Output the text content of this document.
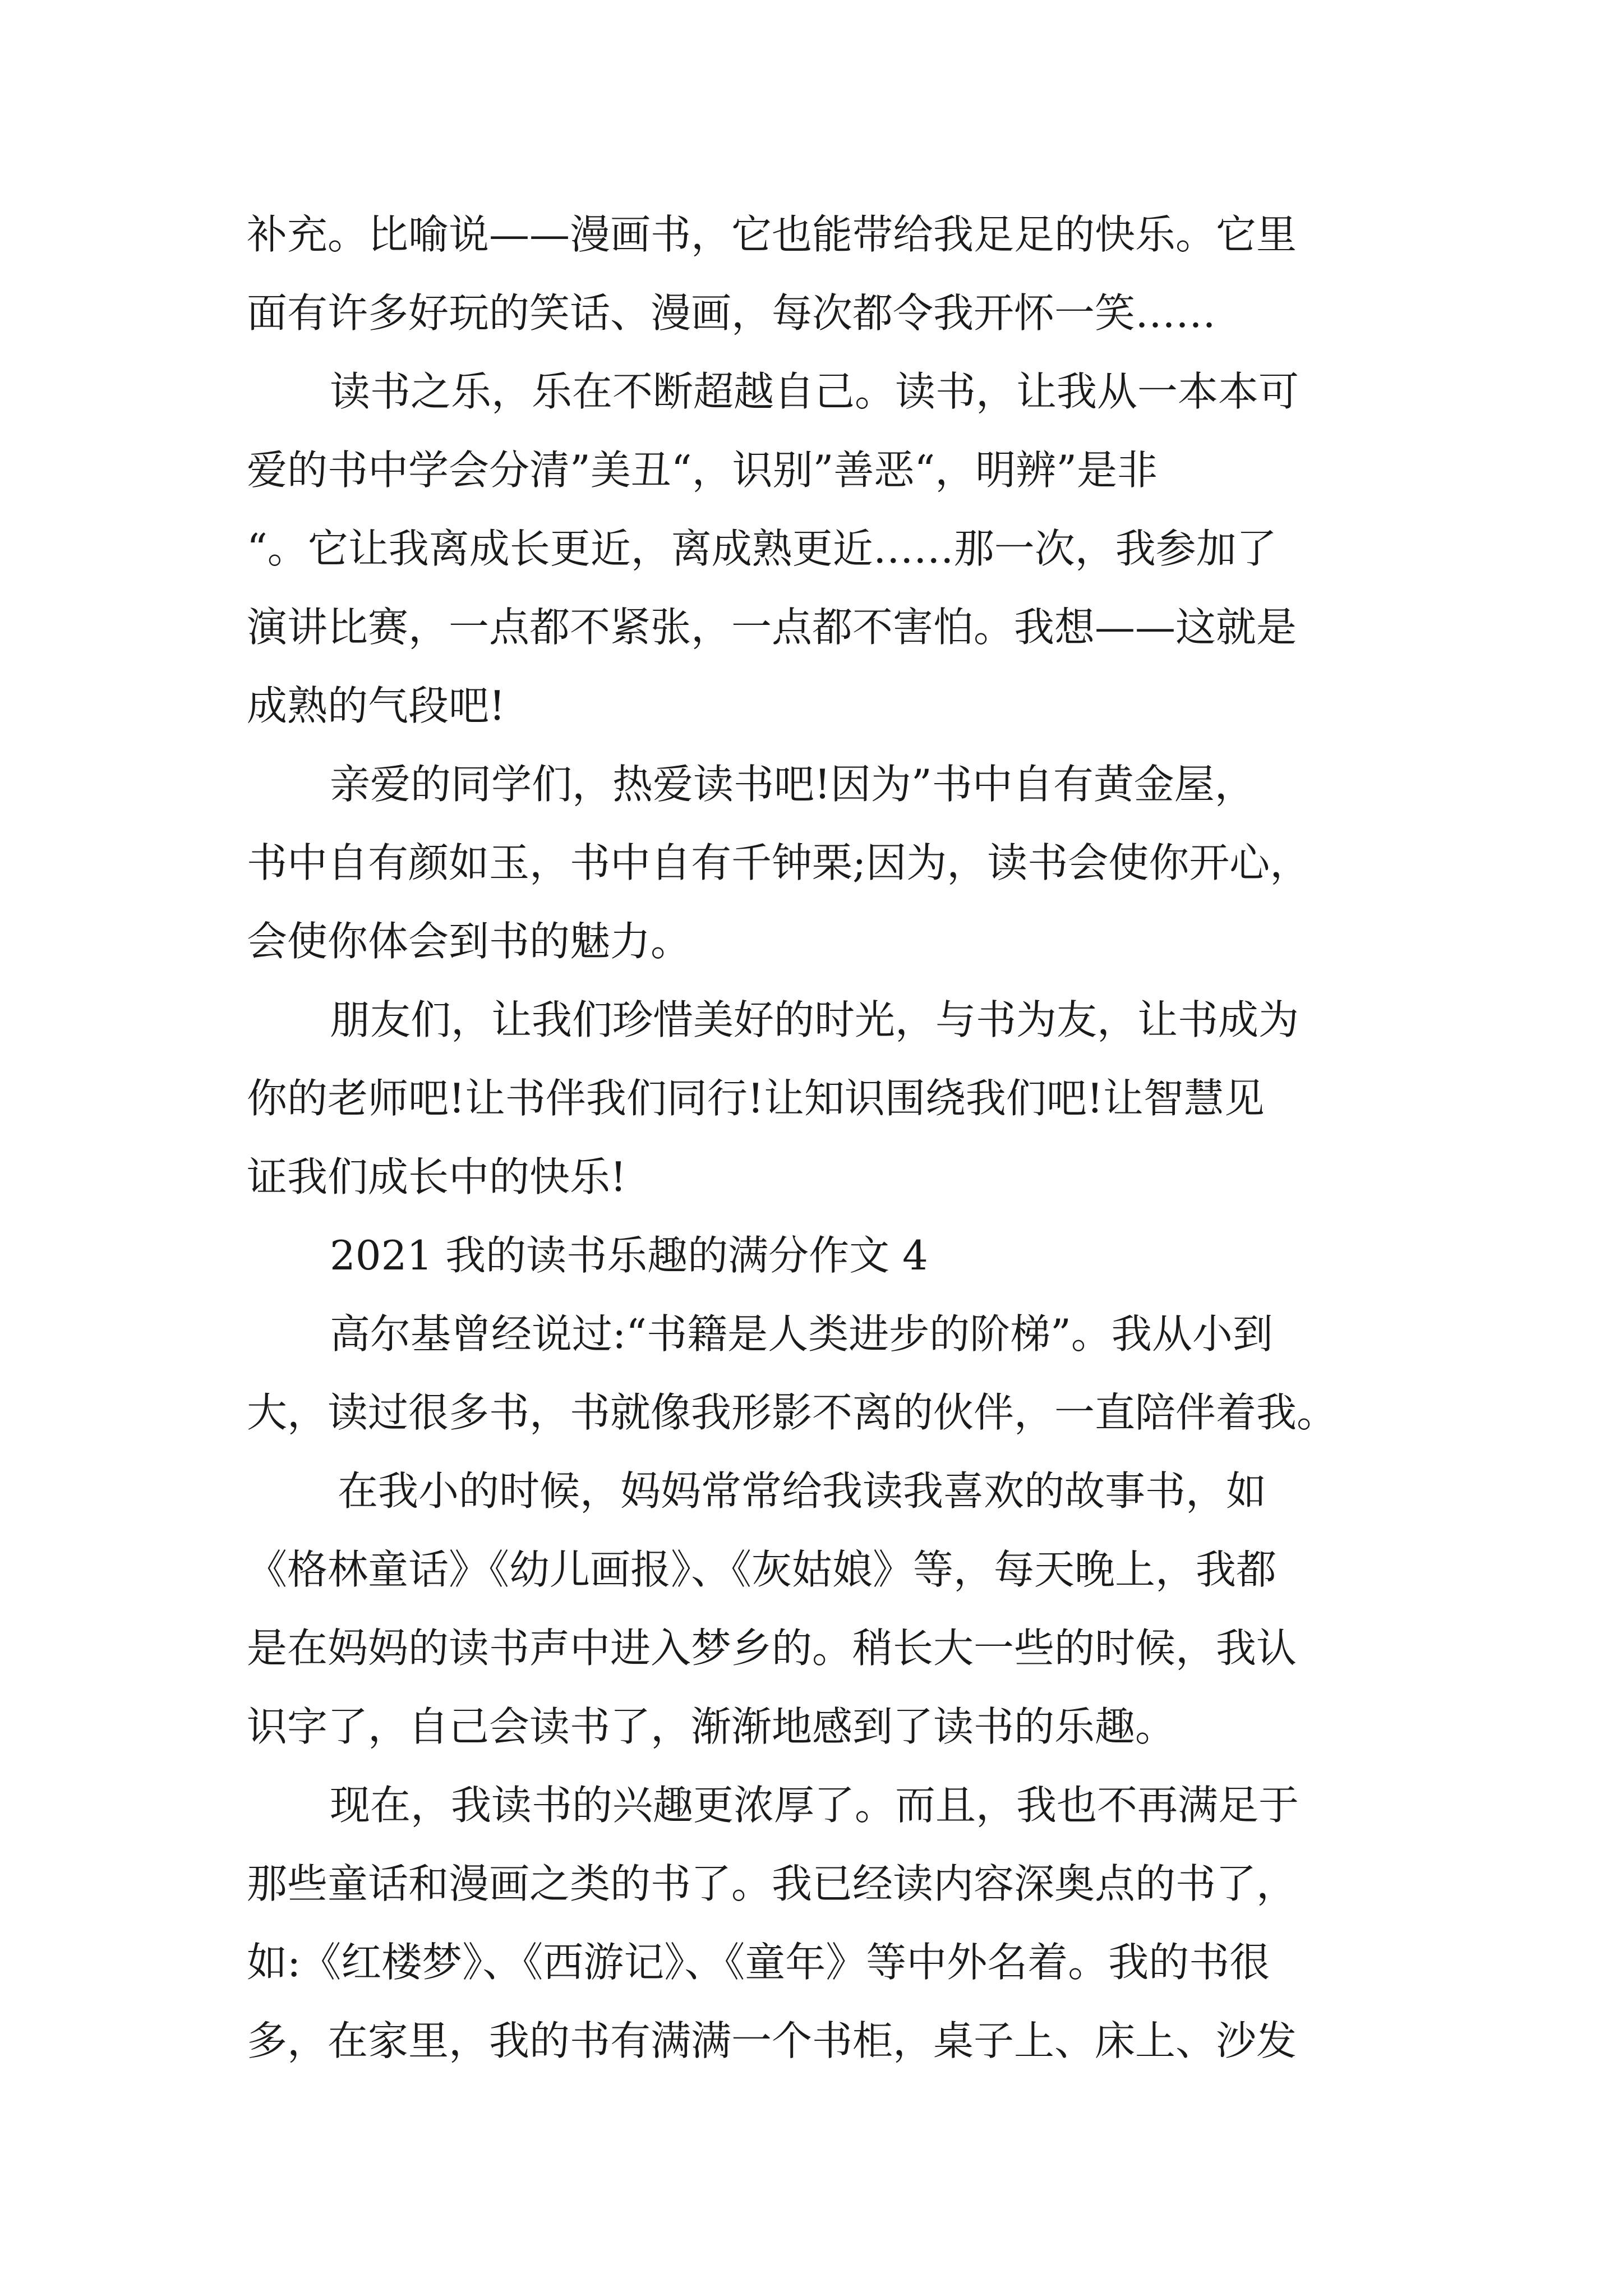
补充。比喻说——漫画书，它也能带给我足足的快乐。它里
面有许多好玩的笑话、漫画，每次都令我开怀一笑……
读书之乐，乐在不断超越自己。读书，让我从一本本可
爱的书中学会分清”美丑“，识别”善恶“，明辨”是非
“。它让我离成长更近，离成熟更近……那一次，我参加了
演讲比赛，一点都不紧张，一点都不害怕。我想——这就是
成熟的气段吧!
亲爱的同学们，热爱读书吧!因为”书中自有黄金屋，
书中自有颜如玉，书中自有千钟栗;因为，读书会使你开心，
会使你体会到书的魅力。
朋友们，让我们珍惜美好的时光，与书为友，让书成为
你的老师吧!让书伴我们同行!让知识围绕我们吧!让智慧见
证我们成长中的快乐!
2021 我的读书乐趣的满分作文 4
高尔基曾经说过:“书籍是人类进步的阶梯”。我从小到
大，读过很多书，书就像我形影不离的伙伴，一直陪伴着我。
在我小的时候，妈妈常常给我读我喜欢的故事书，如
《格林童话》《幼儿画报》、《灰姑娘》等，每天晚上，我都
是在妈妈的读书声中进入梦乡的。稍长大一些的时候，我认
识字了，自己会读书了，渐渐地感到了读书的乐趣。
现在，我读书的兴趣更浓厚了。而且，我也不再满足于
那些童话和漫画之类的书了。我已经读内容深奥点的书了，
如:《红楼梦》、《西游记》、《童年》等中外名着。我的书很
多，在家里，我的书有满满一个书柜，桌子上、床上、沙发
